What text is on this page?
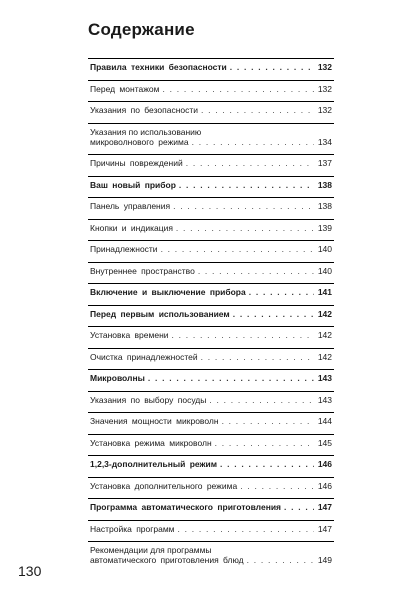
Содержание
Правила техники безопасности . . .	132
Перед монтажом . . .	132
Указания по безопасности . . .	132
Указания по использованию
микроволнового режима . . .	134
Причины повреждений . . .	137
Ваш новый прибор . . .	138
Панель управления . . .	138
Кнопки и индикация . . .	139
Принадлежности . . .	140
Внутреннее пространство . . .	140
Включение и выключение прибора . . .	141
Перед первым использованием . . .	142
Установка времени . . .	142
Очистка принадлежностей . . .	142
Микроволны . . .	143
Указания по выбору посуды . . .	143
Значения мощности микроволн . . .	144
Установка режима микроволн . . .	145
1,2,3-дополнительный режим . . .	146
Установка дополнительного режима . . .	146
Программа автоматического приготовления . . .	147
Настройка программ . . .	147
Рекомендации для программы
автоматического приготовления блюд . . .	149
130
